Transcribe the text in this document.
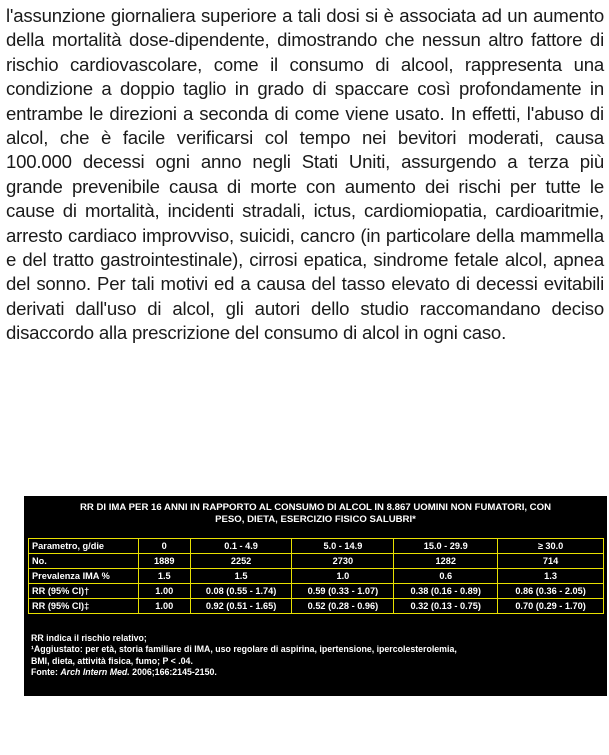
l'assunzione giornaliera superiore a tali dosi si è associata ad un aumento della mortalità dose-dipendente, dimostrando che nessun altro fattore di rischio cardiovascolare, come il consumo di alcool, rappresenta una condizione a doppio taglio in grado di spaccare così profondamente in entrambe le direzioni a seconda di come viene usato. In effetti, l'abuso di alcol, che è facile verificarsi col tempo nei bevitori moderati, causa 100.000 decessi ogni anno negli Stati Uniti, assurgendo a terza più grande prevenibile causa di morte con aumento dei rischi per tutte le cause di mortalità, incidenti stradali, ictus, cardiomiopatia, cardioaritmie, arresto cardiaco improvviso, suicidi, cancro (in particolare della mammella e del tratto gastrointestinale), cirrosi epatica, sindrome fetale alcol, apnea del sonno. Per tali motivi ed a causa del tasso elevato di decessi evitabili derivati dall'uso di alcol, gli autori dello studio raccomandano deciso disaccordo alla prescrizione del consumo di alcol in ogni caso.

RR DI IMA PER 16 ANNI IN RAPPORTO AL CONSUMO DI ALCOL IN 8.867 UOMINI NON FUMATORI, CON
PESO, DIETA, ESERCIZIO FISICO SALUBRI*
Parametro, g/die	0	0.1 - 4.9	5.0 - 14.9	15.0 - 29.9	≥ 30.0
No.	1889	2252	2730	1282	714
Prevalenza IMA %	1.5	1.5	1.0	0.6	1.3
RR (95% CI)†	1.00	0.08 (0.55 - 1.74)	0.59 (0.33 - 1.07)	0.38 (0.16 - 0.89)	0.86 (0.36 - 2.05)
RR (95% CI)‡	1.00	0.92 (0.51 - 1.65)	0.52 (0.28 - 0.96)	0.32 (0.13 - 0.75)	0.70 (0.29 - 1.70)
RR indica il rischio relativo;
¹Aggiustato: per età, storia familiare di IMA, uso regolare di aspirina, ipertensione, ipercolesterolemia,
BMI, dieta, attività fisica, fumo; P < .04.
Fonte: Arch Intern Med. 2006;166:2145-2150.
